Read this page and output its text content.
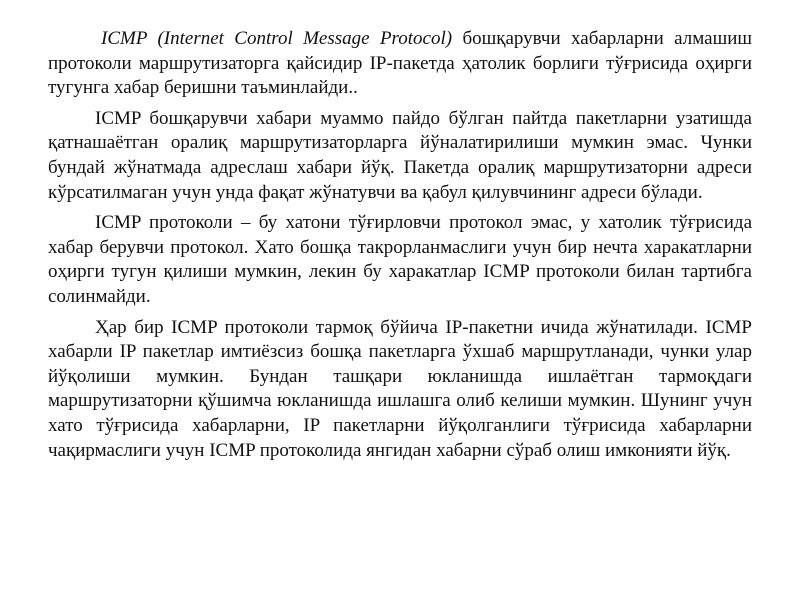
ICMP (Internet Control Message Protocol) бошқарувчи хабарларни алмашиш протоколи маршрутизаторга қайсидир IP-пакетда ҳатолик борлиги тўғрисида оҳирги тугунга хабар беришни таъминлайди..

ICMP бошқарувчи хабари муаммо пайдо бўлган пайтда пакетларни узатишда қатнашаётган оралиқ маршрутизаторларга йўналатирилиши мумкин эмас. Чунки бундай жўнатмада адреслаш хабари йўқ. Пакетда оралиқ маршрутизаторни адреси кўрсатилмаган учун унда фақат жўнатувчи ва қабул қилувчининг адреси бўлади.

ICMP протоколи – бу хатони тўғирловчи протокол эмас, у хатолик тўғрисида хабар берувчи протокол. Хато бошқа такрорланмаслиги учун бир нечта харакатларни оҳирги тугун қилиши мумкин, лекин бу харакатлар ICMP протоколи билан тартибга солинмайди.

Ҳар бир ICMP протоколи тармоқ бўйича IP-пакетни ичида жўнатилади. ICMP хабарли IP пакетлар имтиёзсиз бошқа пакетларга ўхшаб маршрутланади, чунки улар йўқолиши мумкин. Бундан ташқари юкланишда ишлаётган тармоқдаги маршрутизаторни қўшимча юкланишда ишлашга олиб келиши мумкин. Шунинг учун хато тўғрисида хабарларни, IP пакетларни йўқолганлиги тўғрисида хабарларни чақирмаслиги учун ICMP протоколида янгидан хабарни сўраб олиш имконияти йўқ.
